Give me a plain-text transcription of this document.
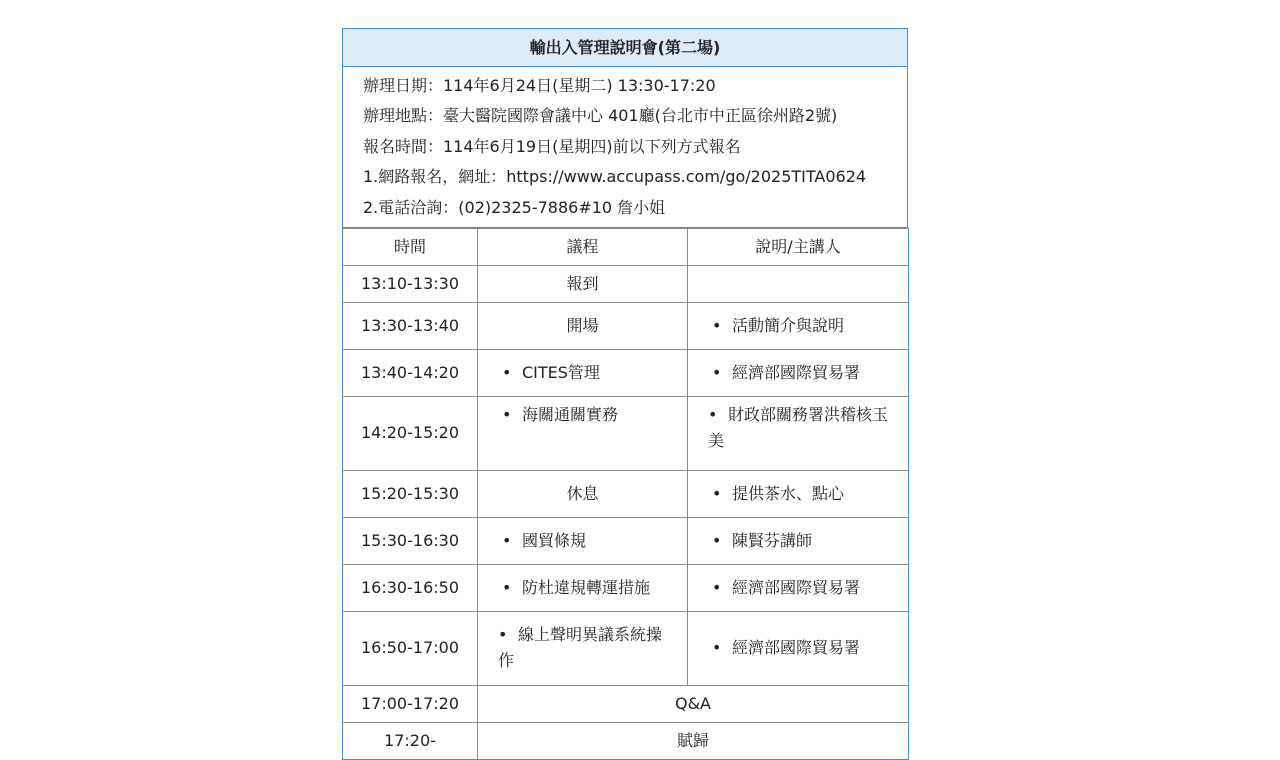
輸出入管理說明會(第二場)

辦理日期：114年6月24日(星期二) 13:30-17:20
辦理地點：臺大醫院國際會議中心 401廳(台北市中正區徐州路2號)
報名時間：114年6月19日(星期四)前以下列方式報名
1.網路報名，網址：https://www.accupass.com/go/2025TITA0624
2.電話洽詢：(02)2325-7886#10 詹小姐
時間	議程	說明/主講人
13:10-13:30	報到	
13:30-13:40	開場	• 活動簡介與說明
13:40-14:20	• CITES管理	• 經濟部國際貿易署
14:20-15:20	• 海關通關實務	• 財政部關務署洪稽核玉美
15:20-15:30	休息	• 提供茶水、點心
15:30-16:30	• 國貿條規	• 陳賢芬講師
16:30-16:50	• 防杜違規轉運措施	• 經濟部國際貿易署
16:50-17:00	• 線上聲明異議系統操作	• 經濟部國際貿易署
17:00-17:20	Q&A	
17:20-	賦歸	
